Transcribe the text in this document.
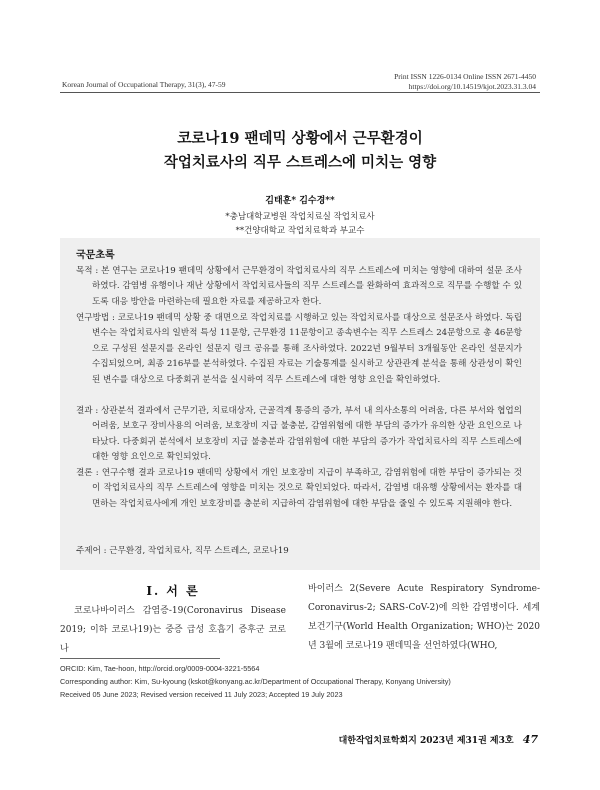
Korean Journal of Occupational Therapy, 31(3), 47-59
Print ISSN 1226-0134 Online ISSN 2671-4450
https://doi.org/10.14519/kjot.2023.31.3.04
코로나19 팬데믹 상황에서 근무환경이
작업치료사의 직무 스트레스에 미치는 영향
김태훈* 김수경**
*충남대학교병원 작업치료실 작업치료사
**건양대학교 작업치료학과 부교수
국문초록
목적 : 본 연구는 코로나19 팬데믹 상황에서 근무환경이 작업치료사의 직무 스트레스에 미치는 영향에 대하여 설문 조사하였다. 감염병 유행이나 재난 상황에서 작업치료사들의 직무 스트레스를 완화하여 효과적으로 직무를 수행할 수 있도록 대응 방안을 마련하는데 필요한 자료를 제공하고자 한다.
연구방법 : 코로나19 팬데믹 상황 중 대면으로 작업치료를 시행하고 있는 작업치료사를 대상으로 설문조사 하였다. 독립변수는 작업치료사의 일반적 특성 11문항, 근무환경 11문항이고 종속변수는 직무 스트레스 24문항으로 총 46문항으로 구성된 설문지를 온라인 설문지 링크 공유를 통해 조사하였다. 2022년 9월부터 3개월동안 온라인 설문지가 수집되었으며, 최종 216부를 분석하였다. 수집된 자료는 기술통계를 실시하고 상관관계 분석을 통해 상관성이 확인된 변수를 대상으로 다중회귀 분석을 실시하여 직무 스트레스에 대한 영향 요인을 확인하였다.
결과 : 상관분석 결과에서 근무기관, 치료대상자, 근골격계 통증의 증가, 부서 내 의사소통의 어려움, 다른 부서와 협업의 어려움, 보호구 장비사용의 어려움, 보호장비 지급 불충분, 감염위험에 대한 부담의 증가가 유의한 상관 요인으로 나타났다. 다중회귀 분석에서 보호장비 지급 불충분과 감염위험에 대한 부담의 증가가 작업치료사의 직무 스트레스에 대한 영향 요인으로 확인되었다.
결론 : 연구수행 결과 코로나19 팬데믹 상황에서 개인 보호장비 지급이 부족하고, 감염위험에 대한 부담이 증가되는 것이 작업치료사의 직무 스트레스에 영향을 미치는 것으로 확인되었다. 따라서, 감염병 대유행 상황에서는 환자를 대면하는 작업치료사에게 개인 보호장비를 충분히 지급하여 감염위험에 대한 부담을 줄일 수 있도록 지원해야 한다.
주제어 : 근무환경, 작업치료사, 직무 스트레스, 코로나19
Ⅰ. 서 론
코로나바이러스 감염증-19(Coronavirus Disease 2019; 이하 코로나19)는 중증 급성 호흡기 증후군 코로나
바이러스 2(Severe Acute Respiratory Syndrome-Coronavirus-2; SARS-CoV-2)에 의한 감염병이다. 세계보건기구(World Health Organization; WHO)는 2020년 3월에 코로나19 팬데믹을 선언하였다(WHO,
ORCID: Kim, Tae-hoon, http://orcid.org/0009-0004-3221-5564
Corresponding author: Kim, Su-kyoung (kskot@konyang.ac.kr/Department of Occupational Therapy, Konyang University)
Received 05 June 2023; Revised version received 11 July 2023; Accepted 19 July 2023
대한작업치료학회지 2023년 제31권 제3호 47
